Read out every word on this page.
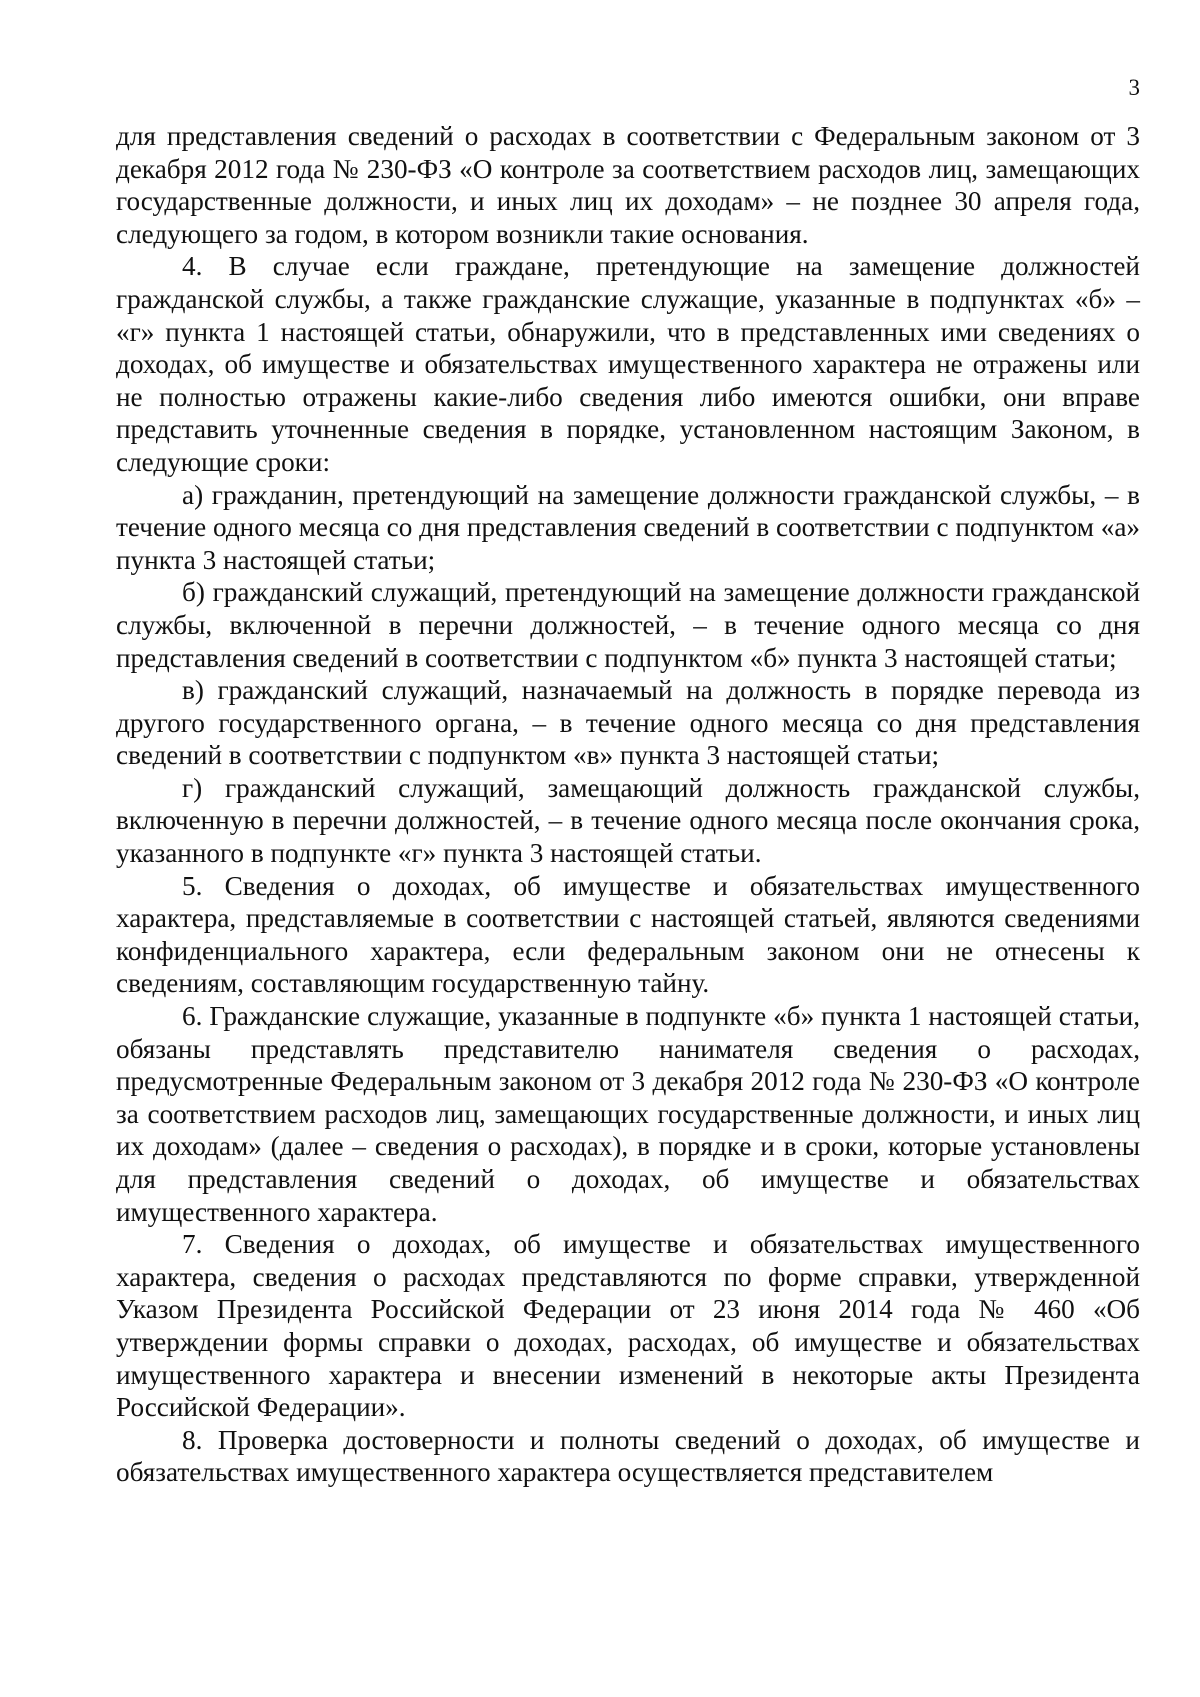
3

для представления сведений о расходах в соответствии с Федеральным законом от 3 декабря 2012 года № 230-ФЗ «О контроле за соответствием расходов лиц, замещающих государственные должности, и иных лиц их доходам» – не позднее 30 апреля года, следующего за годом, в котором возникли такие основания.

4. В случае если граждане, претендующие на замещение должностей гражданской службы, а также гражданские служащие, указанные в подпунктах «б» – «г» пункта 1 настоящей статьи, обнаружили, что в представленных ими сведениях о доходах, об имуществе и обязательствах имущественного характера не отражены или не полностью отражены какие-либо сведения либо имеются ошибки, они вправе представить уточненные сведения в порядке, установленном настоящим Законом, в следующие сроки:

а) гражданин, претендующий на замещение должности гражданской службы, – в течение одного месяца со дня представления сведений в соответствии с подпунктом «а» пункта 3 настоящей статьи;

б) гражданский служащий, претендующий на замещение должности гражданской службы, включенной в перечни должностей, – в течение одного месяца со дня представления сведений в соответствии с подпунктом «б» пункта 3 настоящей статьи;

в) гражданский служащий, назначаемый на должность в порядке перевода из другого государственного органа, – в течение одного месяца со дня представления сведений в соответствии с подпунктом «в» пункта 3 настоящей статьи;

г) гражданский служащий, замещающий должность гражданской службы, включенную в перечни должностей, – в течение одного месяца после окончания срока, указанного в подпункте «г» пункта 3 настоящей статьи.

5. Сведения о доходах, об имуществе и обязательствах имущественного характера, представляемые в соответствии с настоящей статьей, являются сведениями конфиденциального характера, если федеральным законом они не отнесены к сведениям, составляющим государственную тайну.

6. Гражданские служащие, указанные в подпункте «б» пункта 1 настоящей статьи, обязаны представлять представителю нанимателя сведения о расходах, предусмотренные Федеральным законом от 3 декабря 2012 года № 230-ФЗ «О контроле за соответствием расходов лиц, замещающих государственные должности, и иных лиц их доходам» (далее – сведения о расходах), в порядке и в сроки, которые установлены для представления сведений о доходах, об имуществе и обязательствах имущественного характера.

7. Сведения о доходах, об имуществе и обязательствах имущественного характера, сведения о расходах представляются по форме справки, утвержденной Указом Президента Российской Федерации от 23 июня 2014 года № 460 «Об утверждении формы справки о доходах, расходах, об имуществе и обязательствах имущественного характера и внесении изменений в некоторые акты Президента Российской Федерации».

8. Проверка достоверности и полноты сведений о доходах, об имуществе и обязательствах имущественного характера осуществляется представителем
